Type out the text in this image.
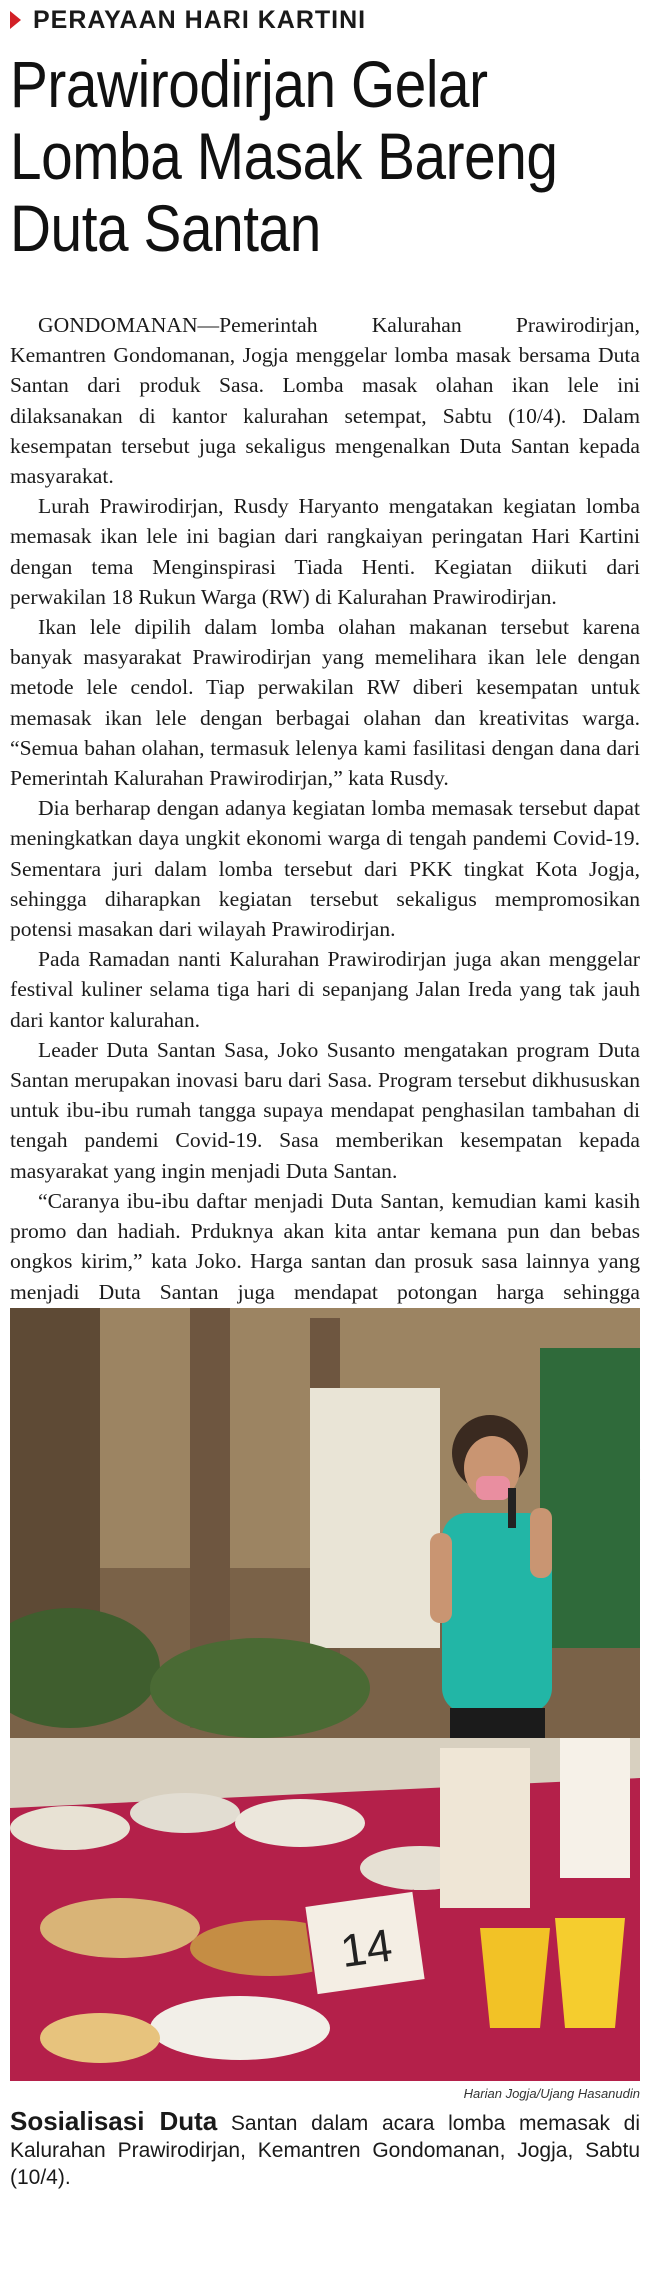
PERAYAAN HARI KARTINI
Prawirodirjan Gelar Lomba Masak Bareng Duta Santan

GONDOMANAN—Pemerintah Kalurahan Prawirodirjan, Kemantren Gondomanan, Jogja menggelar lomba masak bersama Duta Santan dari produk Sasa. Lomba masak olahan ikan lele ini dilaksanakan di kantor kalurahan setempat, Sabtu (10/4). Dalam kesempatan tersebut juga sekaligus mengenalkan Duta Santan kepada masyarakat.

Lurah Prawirodirjan, Rusdy Haryanto mengatakan kegiatan lomba memasak ikan lele ini bagian dari rangkaiyan peringatan Hari Kartini dengan tema Menginspirasi Tiada Henti. Kegiatan diikuti dari perwakilan 18 Rukun Warga (RW) di Kalurahan Prawirodirjan.

Ikan lele dipilih dalam lomba olahan makanan tersebut karena banyak masyarakat Prawirodirjan yang memelihara ikan lele dengan metode lele cendol. Tiap perwakilan RW diberi kesempatan untuk memasak ikan lele dengan berbagai olahan dan kreativitas warga. “Semua bahan olahan, termasuk lelenya kami fasilitasi dengan dana dari Pemerintah Kalurahan Prawirodirjan,” kata Rusdy.

Dia berharap dengan adanya kegiatan lomba memasak tersebut dapat meningkatkan daya ungkit ekonomi warga di tengah pandemi Covid-19. Sementara juri dalam lomba tersebut dari PKK tingkat Kota Jogja, sehingga diharapkan kegiatan tersebut sekaligus mempromosikan potensi masakan dari wilayah Prawirodirjan.

Pada Ramadan nanti Kalurahan Prawirodirjan juga akan menggelar festival kuliner selama tiga hari di sepanjang Jalan Ireda yang tak jauh dari kantor kalurahan.

Leader Duta Santan Sasa, Joko Susanto mengatakan program Duta Santan merupakan inovasi baru dari Sasa. Program tersebut dikhususkan untuk ibu-ibu rumah tangga supaya mendapat penghasilan tambahan di tengah pandemi Covid-19. Sasa memberikan kesempatan kepada masyarakat yang ingin menjadi Duta Santan.

“Caranya ibu-ibu daftar menjadi Duta Santan, kemudian kami kasih promo dan hadiah. Prduknya akan kita antar kemana pun dan bebas ongkos kirim,” kata Joko. Harga santan dan prosuk sasa lainnya yang menjadi Duta Santan juga mendapat potongan harga sehingga

14
Harian Jogja/Ujang Hasanudin
Sosialisasi Duta Santan dalam acara lomba memasak di Kalurahan Prawirodirjan, Kemantren Gondomanan, Jogja, Sabtu (10/4).
